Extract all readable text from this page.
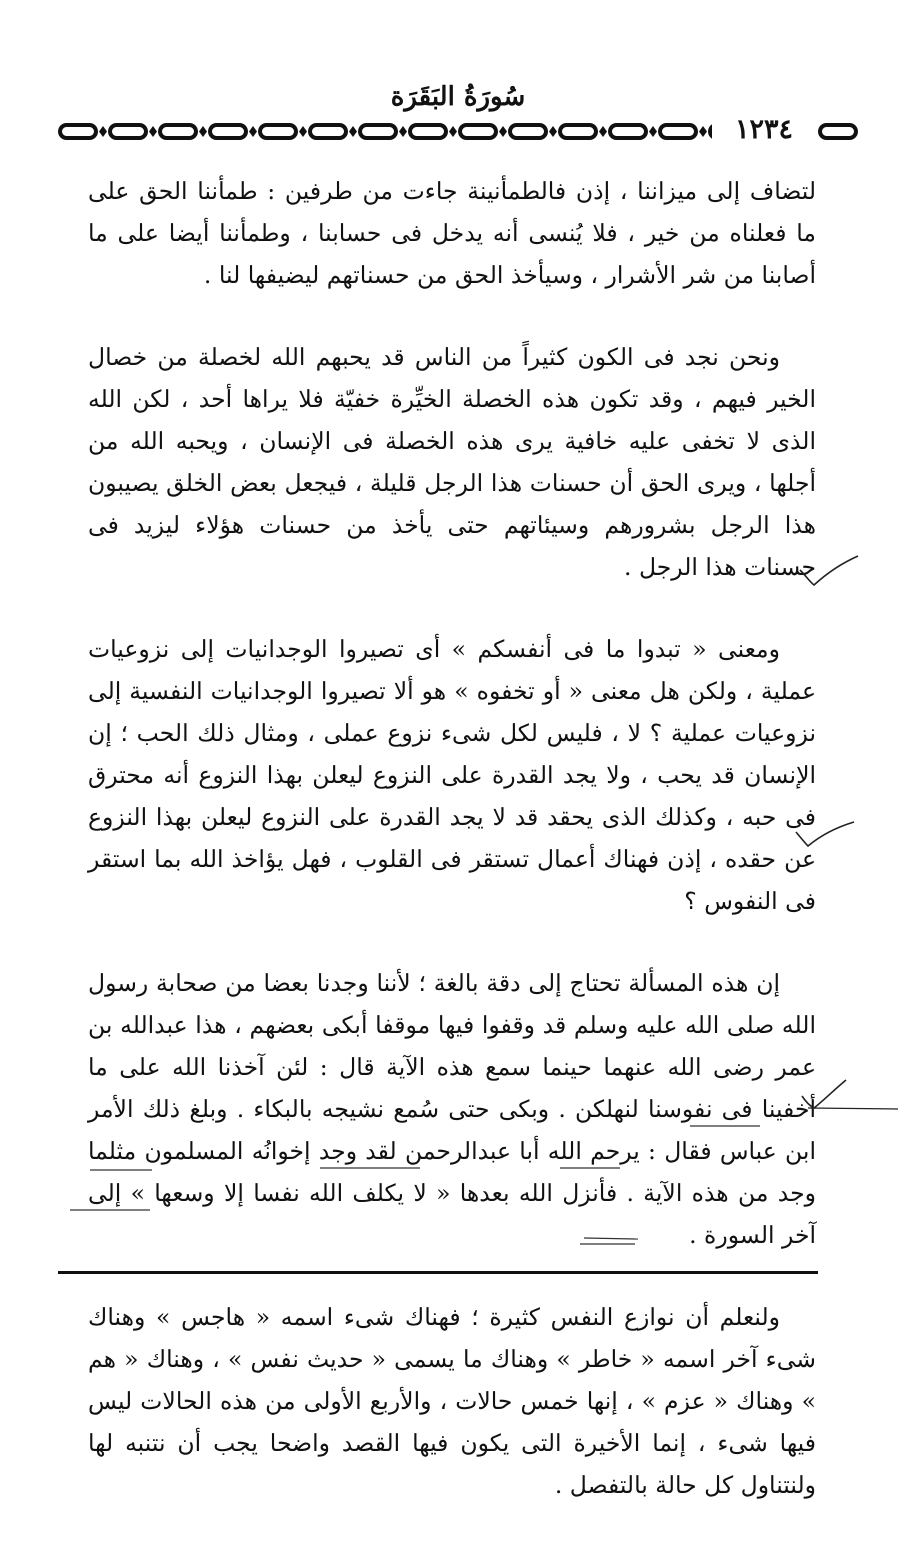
سُورَةُ البَقَرَة
١٢٣٤

لتضاف إلى ميزاننا ، إذن فالطمأنينة جاءت من طرفين : طمأننا الحق على ما فعلناه من خير ، فلا يُنسى أنه يدخل فى حسابنا ، وطمأننا أيضا على ما أصابنا من شر الأشرار ، وسيأخذ الحق من حسناتهم ليضيفها لنا .

ونحن نجد فى الكون كثيراً من الناس قد يحبهم الله لخصلة من خصال الخير فيهم ، وقد تكون هذه الخصلة الخيِّرة خفيّة فلا يراها أحد ، لكن الله الذى لا تخفى عليه خافية يرى هذه الخصلة فى الإنسان ، ويحبه الله من أجلها ، ويرى الحق أن حسنات هذا الرجل قليلة ، فيجعل بعض الخلق يصيبون هذا الرجل بشرورهم وسيئاتهم حتى يأخذ من حسنات هؤلاء ليزيد فى حسنات هذا الرجل .

ومعنى « تبدوا ما فى أنفسكم » أى تصيروا الوجدانيات إلى نزوعيات عملية ، ولكن هل معنى « أو تخفوه » هو ألا تصيروا الوجدانيات النفسية إلى نزوعيات عملية ؟ لا ، فليس لكل شىء نزوع عملى ، ومثال ذلك الحب ؛ إن الإنسان قد يحب ، ولا يجد القدرة على النزوع ليعلن بهذا النزوع أنه محترق فى حبه ، وكذلك الذى يحقد قد لا يجد القدرة على النزوع ليعلن بهذا النزوع عن حقده ، إذن فهناك أعمال تستقر فى القلوب ، فهل يؤاخذ الله بما استقر فى النفوس ؟

إن هذه المسألة تحتاج إلى دقة بالغة ؛ لأننا وجدنا بعضا من صحابة رسول الله صلى الله عليه وسلم قد وقفوا فيها موقفا أبكى بعضهم ، هذا عبدالله بن عمر رضى الله عنهما حينما سمع هذه الآية قال : لئن آخذنا الله على ما أخفينا فى نفوسنا لنهلكن . وبكى حتى سُمع نشيجه بالبكاء . وبلغ ذلك الأمر ابن عباس فقال : يرحم الله أبا عبدالرحمن لقد وجد إخوانُه المسلمون مثلما وجد من هذه الآية . فأنزل الله بعدها « لا يكلف الله نفسا إلا وسعها » إلى آخر السورة .

ولنعلم أن نوازع النفس كثيرة ؛ فهناك شىء اسمه « هاجس » وهناك شىء آخر اسمه « خاطر » وهناك ما يسمى « حديث نفس » ، وهناك « هم » وهناك « عزم » ، إنها خمس حالات ، والأربع الأولى من هذه الحالات ليس فيها شىء ، إنما الأخيرة التى يكون فيها القصد واضحا يجب أن نتنبه لها ولنتناول كل حالة بالتفصل .
